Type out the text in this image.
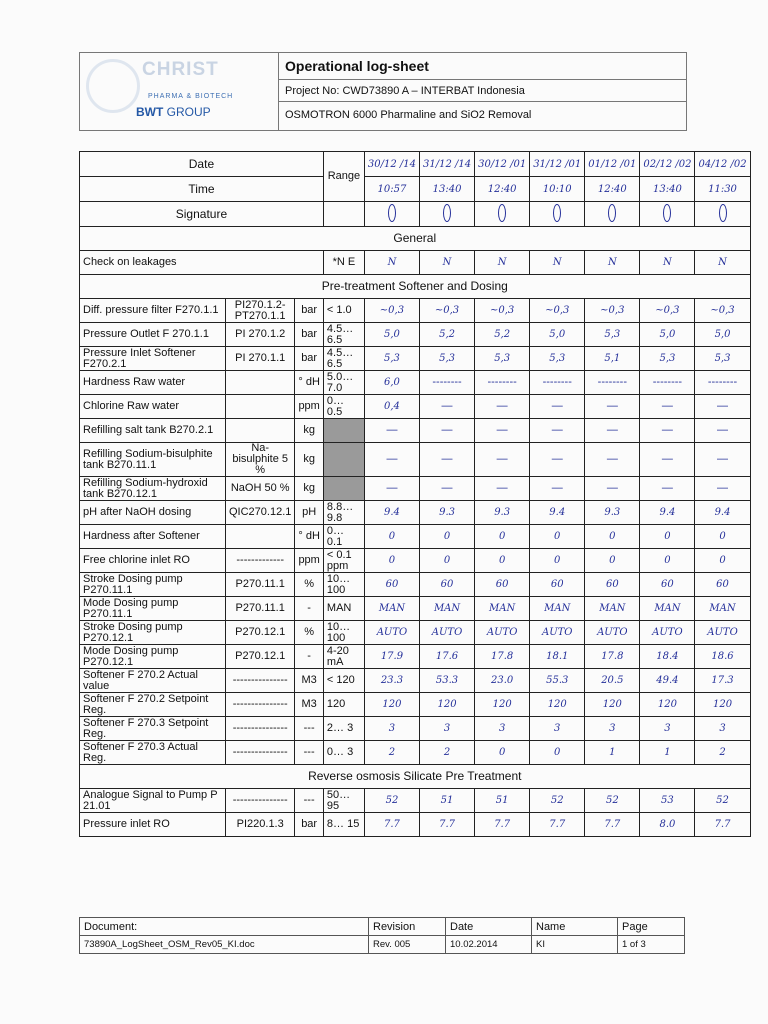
CHRIST
PHARMA & BIOTECH
BWT GROUP
Operational log-sheet
Project No: CWD73890 A – INTERBAT Indonesia
OSMOTRON 6000 Pharmaline and SiO2 Removal
Date			Range	30/12 /14	31/12 /14	30/12 /01	31/12 /01	01/12 /01	02/12 /02	04/12 /02
Time				10:57	13:40	12:40	10:10	12:40	13:40	11:30
Signature										
General										
Check on leakages			*N E	N	N	N	N	N	N	N
Pre-treatment Softener and Dosing										
Diff. pressure filter F270.1.1	PI270.1.2- PT270.1.1	bar	< 1.0	~0,3	~0,3	~0,3	~0,3	~0,3	~0,3	~0,3
Pressure Outlet F 270.1.1	PI 270.1.2	bar	4.5… 6.5	5,0	5,2	5,2	5,0	5,3	5,0	5,0
Pressure Inlet Softener F270.2.1	PI 270.1.1	bar	4.5… 6.5	5,3	5,3	5,3	5,3	5,1	5,3	5,3
Hardness Raw water		° dH	5.0… 7.0	6,0	--------	--------	--------	--------	--------	--------
Chlorine Raw water		ppm	0… 0.5	0,4	—	—	—	—	—	—
Refilling salt tank B270.2.1		kg		—	—	—	—	—	—	—
Refilling Sodium-bisulphite tank B270.11.1	Na-bisulphite 5 %	kg		—	—	—	—	—	—	—
Refilling Sodium-hydroxid tank B270.12.1	NaOH 50 %	kg		—	—	—	—	—	—	—
pH after NaOH dosing	QIC270.12.1	pH	8.8… 9.8	9.4	9.3	9.3	9.4	9.3	9.4	9.4
Hardness after Softener		° dH	0… 0.1	0	0	0	0	0	0	0
Free chlorine inlet RO	-------------	ppm	< 0.1 ppm	0	0	0	0	0	0	0
Stroke Dosing pump P270.11.1	P270.11.1	%	10… 100	60	60	60	60	60	60	60
Mode Dosing pump P270.11.1	P270.11.1	-	MAN	MAN	MAN	MAN	MAN	MAN	MAN	MAN
Stroke Dosing pump P270.12.1	P270.12.1	%	10… 100	AUTO	AUTO	AUTO	AUTO	AUTO	AUTO	AUTO
Mode Dosing pump P270.12.1	P270.12.1	-	4-20 mA	17.9	17.6	17.8	18.1	17.8	18.4	18.6
Softener F 270.2 Actual value	---------------	M3	< 120	23.3	53.3	23.0	55.3	20.5	49.4	17.3
Softener F 270.2 Setpoint Reg.	---------------	M3	120	120	120	120	120	120	120	120
Softener F 270.3 Setpoint Reg.	---------------	---	2… 3	3	3	3	3	3	3	3
Softener F 270.3 Actual Reg.	---------------	---	0… 3	2	2	0	0	1	1	2
Reverse osmosis Silicate Pre Treatment										
Analogue Signal to Pump P 21.01	---------------	---	50… 95	52	51	51	52	52	53	52
Pressure inlet RO	PI220.1.3	bar	8… 15	7.7	7.7	7.7	7.7	7.7	8.0	7.7
Document:	Revision	Date	Name	Page
73890A_LogSheet_OSM_Rev05_KI.doc	Rev. 005	10.02.2014	KI	1 of 3
